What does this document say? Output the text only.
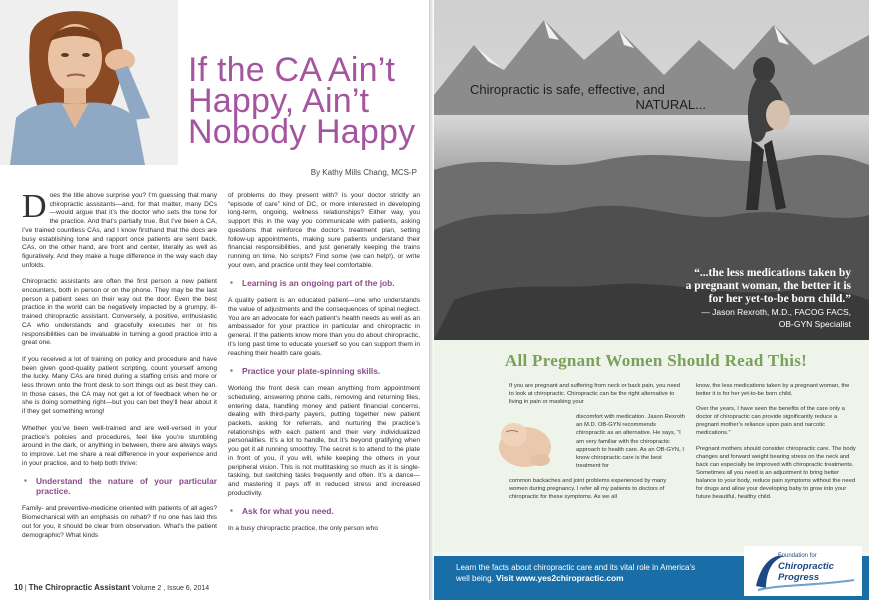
If the CA Ain’t
Happy, Ain’t
Nobody Happy
By Kathy Mills Chang, MCS-P

Does the title above surprise you? I’m guessing that many chiropractic assistants—and, for that matter, many DCs—would argue that it’s the doctor who sets the tone for the practice. And that’s partially true. But I’ve been a CA, I’ve trained countless CAs, and I know firsthand that the docs are busy establishing tone and rapport once patients are sent back. CAs, on the other hand, are front and center, literally as well as figuratively. And they make a huge difference in the way each day unfolds.

Chiropractic assistants are often the first person a new patient encounters, both in person or on the phone. They may be the last person a patient sees on their way out the door. Even the best practice in the world can be negatively impacted by a grumpy, ill-trained chiropractic assistant. Conversely, a positive, enthusiastic CA who understands and gracefully executes her or his responsibilities can be invaluable in turning a good practice into a great one.

If you received a lot of training on policy and procedure and have been given good-quality patient scripting, count yourself among the lucky. Many CAs are hired during a staffing crisis and more or less thrown onto the front desk to sort things out as best they can. In those cases, the CA may not get a lot of feedback when he or she is doing something right—but you can bet they’ll hear about it if they get something wrong!

Whether you’ve been well-trained and are well-versed in your practice’s policies and procedures, feel like you’re stumbling around in the dark, or anything in between, there are always ways to improve. Let me share a real difference in your experience and in your practice, and to help both thrive:

▪ Understand the nature of your particular practice.

Family- and preventive-medicine oriented with patients of all ages? Biomechanical with an emphasis on rehab? If no one has laid this out for you, it should be clear from observation. What’s the patient demographic? What kinds

of problems do they present with? Is your doctor strictly an “episode of care” kind of DC, or more interested in developing long-term, ongoing, wellness relationships? Either way, you support this in the way you communicate with patients, asking questions that reinforce the doctor’s treatment plan, setting follow-up appointments, making sure patients understand their financial responsibilities, and just generally keeping the trains running on time. No scripts? Find some (we can help!), or write your own, and practice until they feel comfortable.

▪ Learning is an ongoing part of the job.

A quality patient is an educated patient—one who understands the value of adjustments and the consequences of spinal neglect. You are an advocate for each patient’s health needs as well as an ambassador for your practice in particular and chiropractic in general. If the patients know more than you do about chiropractic, it’s long past time to educate yourself so you can support them in reaching their health care goals.

▪ Practice your plate-spinning skills.

Working the front desk can mean anything from appointment scheduling, answering phone calls, removing and returning files, entering data, handling money and patient financial concerns, dealing with third-party payers, putting together new patient packets, asking for referrals, and nurturing the practice’s relationships with each patient and their very individualized personalities. It’s a lot to handle, but it’s beyond gratifying when you get it all running smoothly. The secret is to attend to the plate in front of you, if you will, while keeping the others in your peripheral vision. This is not multitasking so much as it is single-tasking, but switching tasks frequently and often. It’s a dance—and mastering it pays off in reduced stress and increased productivity.

▪ Ask for what you need.

In a busy chiropractic practice, the only person who

10 | The Chiropractic Assistant Volume 2 , Issue 6, 2014
Chiropractic is safe, effective, and
NATURAL...
“...the less medications taken by
a pregnant woman, the better it is
for her yet-to-be born child.”
— Jason Rexroth, M.D., FACOG FACS,
OB-GYN Specialist
All Pregnant Women Should Read This!

If you are pregnant and suffering from neck or back pain, you need to look at chiropractic. Chiropractic can be the right alternative to living in pain or masking your

discomfort with medication. Jason Rexroth an M.D. OB-GYN recommends chiropractic as an alternative. He says, “I am very familiar with the chiropractic approach to health care. As an OB-GYN, I know chiropractic care is the best treatment for

common backaches and joint problems experienced by many women during pregnancy. I refer all my patients to doctors of chiropractic for these symptoms. As we all

know, the less medications taken by a pregnant woman, the better it is for her yet-to-be born child.

Over the years, I have seen the benefits of the care only a doctor of chiropractic can provide significantly reduce a pregnant mother’s reliance upon pain and narcotic medications.”

Pregnant mothers should consider chiropractic care. The body changes and forward weight bearing stress on the neck and back can especially be improved with chiropractic treatments. Sometimes all you need is an adjustment to bring better balance to your body, reduce pain symptoms without the need for drugs and allow your developing baby to grow into your future beautiful, healthy child.

Learn the facts about chiropractic care and its vital role in America’s
well being. Visit www.yes2chiropractic.com
Foundation for
Chiropractic Progress
